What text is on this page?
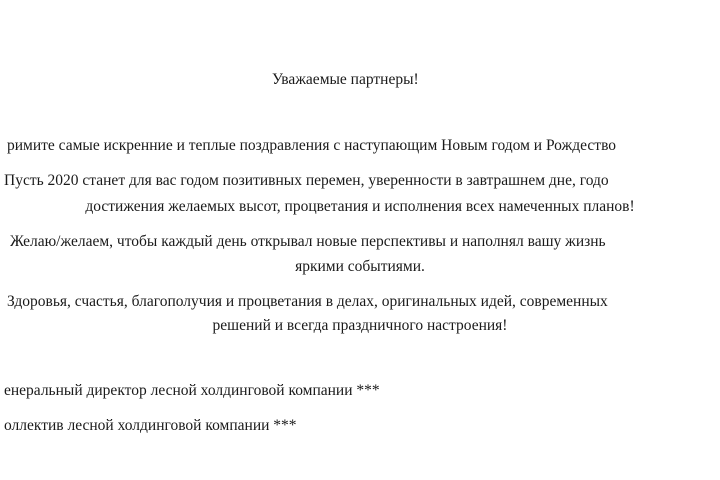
Уважаемые партнеры!
римите самые искренние и теплые поздравления с наступающим Новым годом и Рождество
Пусть 2020 станет для вас годом позитивных перемен, уверенности в завтрашнем дне, годо
достижения желаемых высот, процветания и исполнения всех намеченных планов!
Желаю/желаем, чтобы каждый день открывал новые перспективы и наполнял вашу жизнь
яркими событиями.
Здоровья, счастья, благополучия и процветания в делах, оригинальных идей, современных
решений и всегда праздничного настроения!
енеральный директор лесной холдинговой компании ***
оллектив лесной холдинговой компании ***
